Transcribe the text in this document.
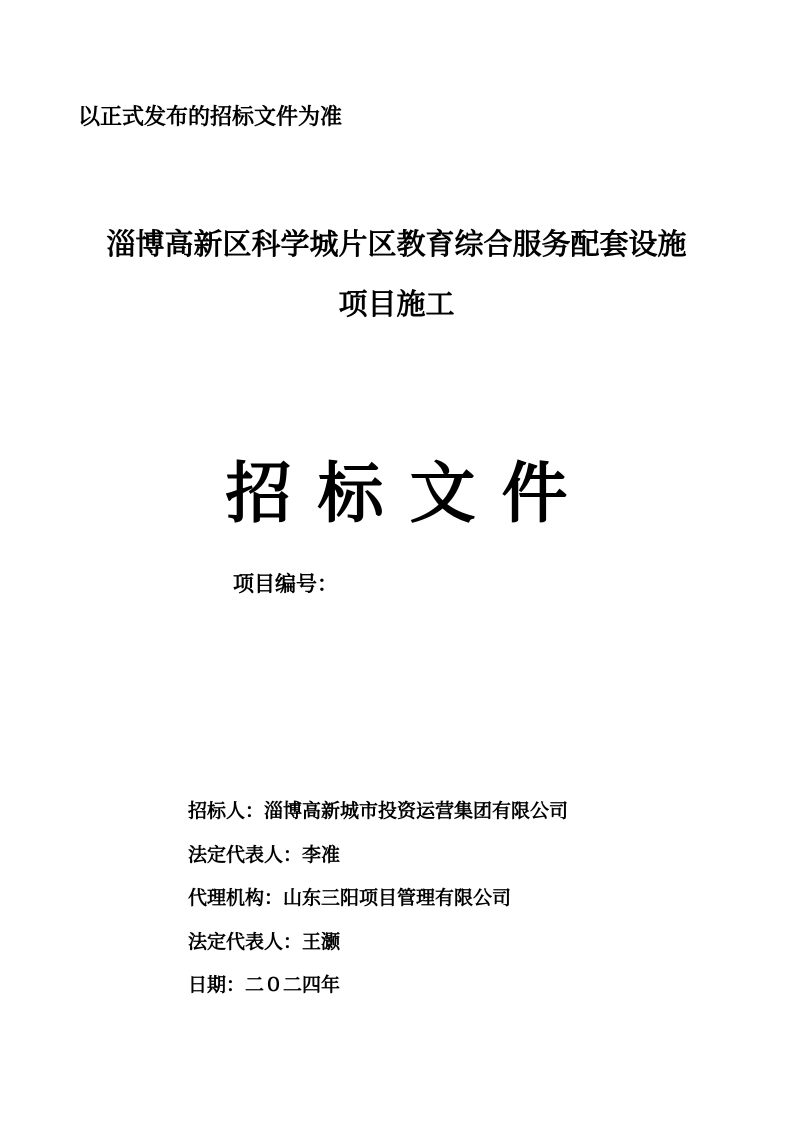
以正式发布的招标文件为准
淄博高新区科学城片区教育综合服务配套设施
项目施工
招标文件
项目编号：
招标人：淄博高新城市投资运营集团有限公司
法定代表人：李准
代理机构：山东三阳项目管理有限公司
法定代表人：王灏
日期：二０二四年
